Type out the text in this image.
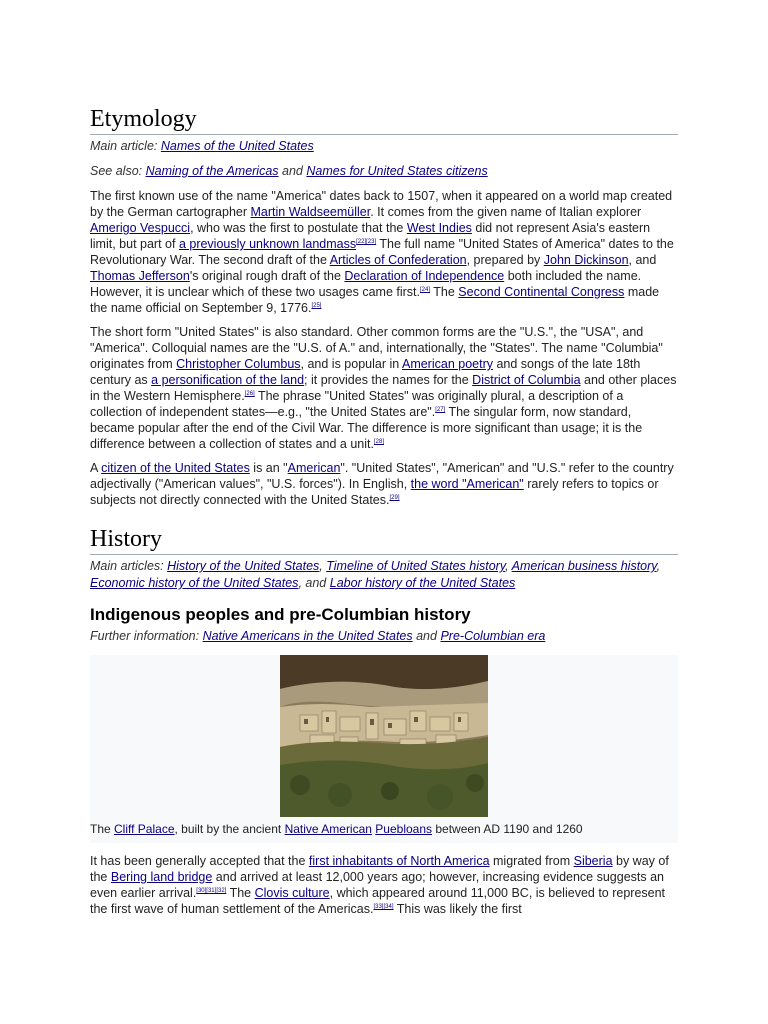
Etymology
Main article: Names of the United States
See also: Naming of the Americas and Names for United States citizens

The first known use of the name "America" dates back to 1507, when it appeared on a world map created by the German cartographer Martin Waldseemüller. It comes from the given name of Italian explorer Amerigo Vespucci, who was the first to postulate that the West Indies did not represent Asia's eastern limit, but part of a previously unknown landmass[22][23] The full name "United States of America" dates to the Revolutionary War. The second draft of the Articles of Confederation, prepared by John Dickinson, and Thomas Jefferson's original rough draft of the Declaration of Independence both included the name. However, it is unclear which of these two usages came first.[24] The Second Continental Congress made the name official on September 9, 1776.[25]

The short form "United States" is also standard. Other common forms are the "U.S.", the "USA", and "America". Colloquial names are the "U.S. of A." and, internationally, the "States". The name "Columbia" originates from Christopher Columbus, and is popular in American poetry and songs of the late 18th century as a personification of the land; it provides the names for the District of Columbia and other places in the Western Hemisphere.[26] The phrase "United States" was originally plural, a description of a collection of independent states—e.g., "the United States are".[27] The singular form, now standard, became popular after the end of the Civil War. The difference is more significant than usage; it is the difference between a collection of states and a unit.[28]

A citizen of the United States is an "American". "United States", "American" and "U.S." refer to the country adjectivally ("American values", "U.S. forces"). In English, the word "American" rarely refers to topics or subjects not directly connected with the United States.[29]

History
Main articles: History of the United States, Timeline of United States history, American business history, Economic history of the United States, and Labor history of the United States
Indigenous peoples and pre-Columbian history
Further information: Native Americans in the United States and Pre-Columbian era
The Cliff Palace, built by the ancient Native American Puebloans between AD 1190 and 1260

It has been generally accepted that the first inhabitants of North America migrated from Siberia by way of the Bering land bridge and arrived at least 12,000 years ago; however, increasing evidence suggests an even earlier arrival.[30][31][32] The Clovis culture, which appeared around 11,000 BC, is believed to represent the first wave of human settlement of the Americas.[33][34] This was likely the first
